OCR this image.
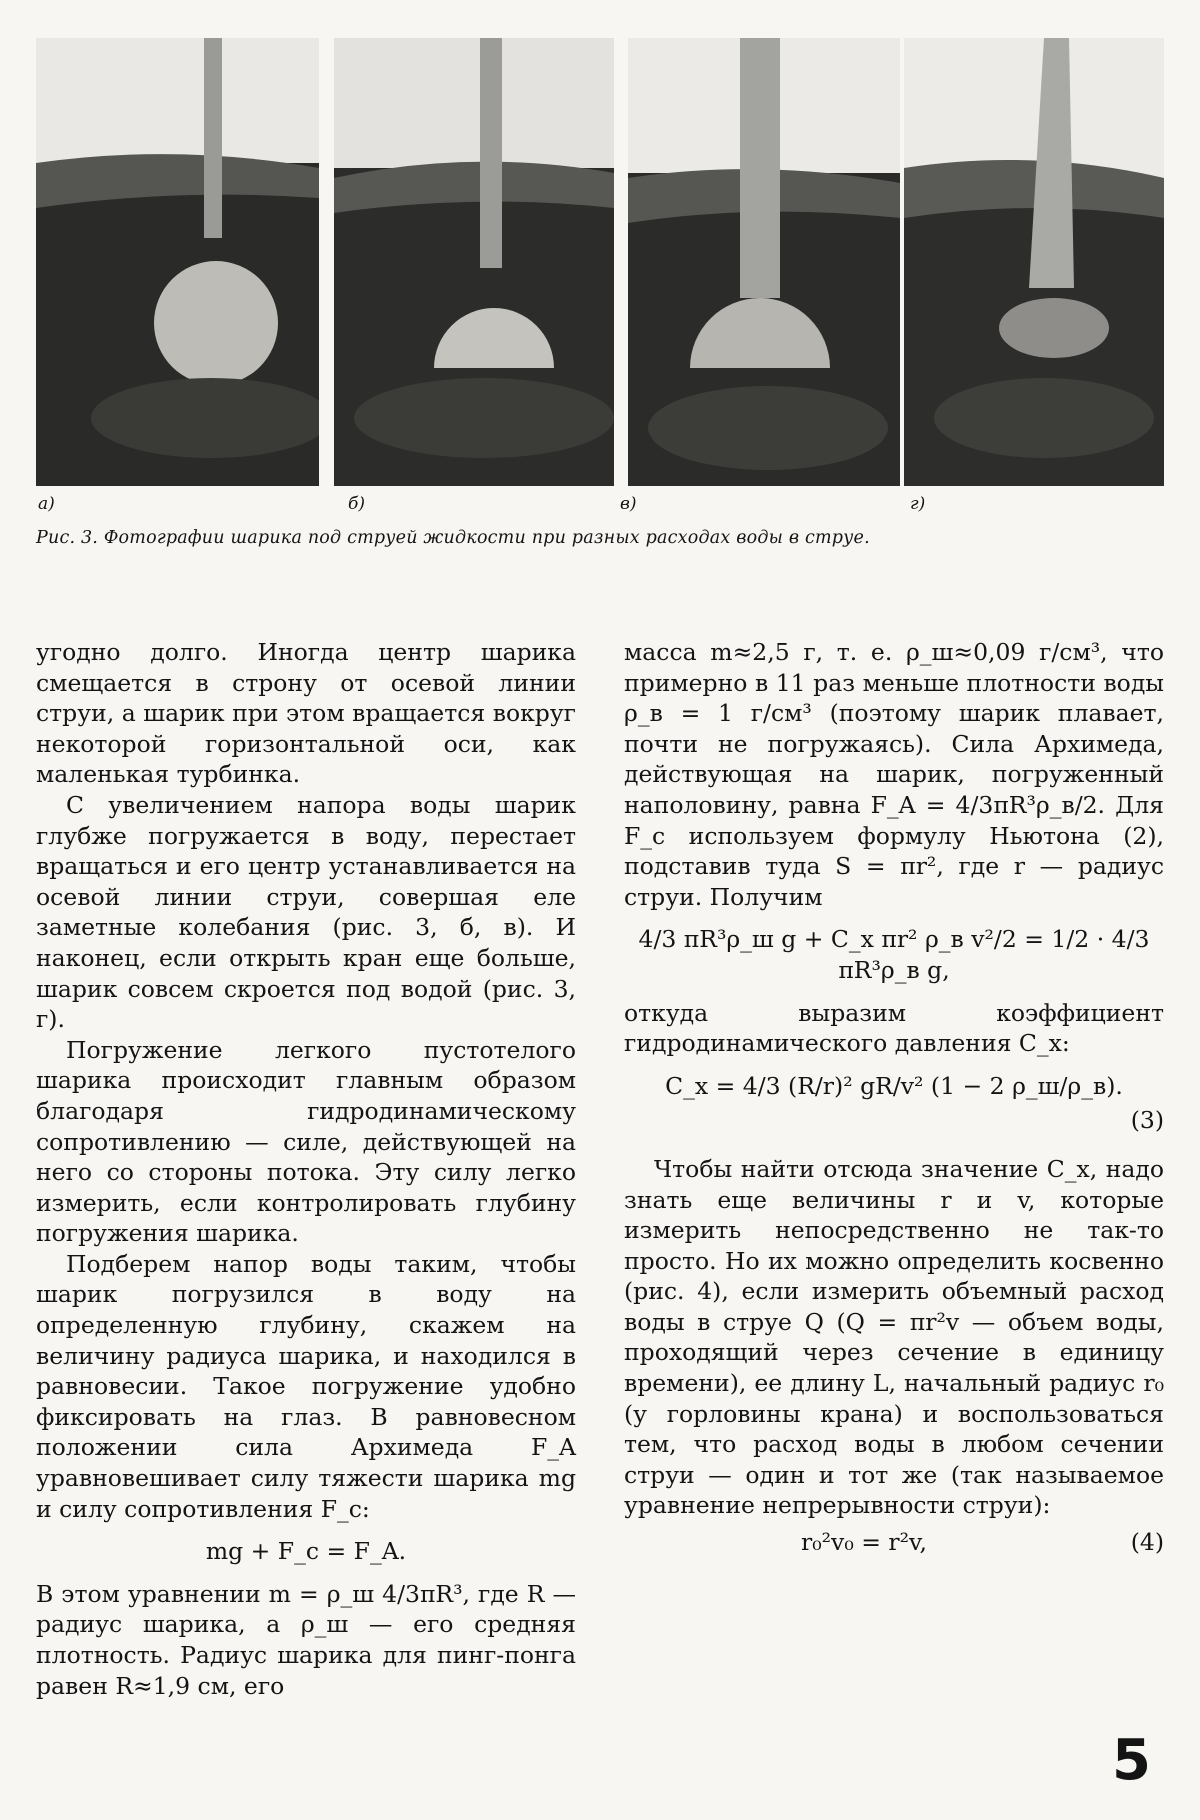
а)	б)	в)	г)
Рис. 3. Фотографии шарика под струей жидкости при разных расходах воды в струе.

угодно долго. Иногда центр шарика смещается в строну от осевой линии струи, а шарик при этом вращается вокруг некоторой горизонтальной оси, как маленькая турбинка.

С увеличением напора воды шарик глубже погружается в воду, перестает вращаться и его центр устанавливается на осевой линии струи, совершая еле заметные колебания (рис. 3, б, в). И наконец, если открыть кран еще больше, шарик совсем скроется под водой (рис. 3, г).

Погружение легкого пустотелого шарика происходит главным образом благодаря гидродинамическому сопротивлению — силе, действующей на него со стороны потока. Эту силу легко измерить, если контролировать глубину погружения шарика.

Подберем напор воды таким, чтобы шарик погрузился в воду на определенную глубину, скажем на величину радиуса шарика, и находился в равновесии. Такое погружение удобно фиксировать на глаз. В равновесном положении сила Архимеда F_A уравновешивает силу тяжести шарика mg и силу сопротивления F_c:

mg + F_c = F_A.

В этом уравнении m = ρ_ш 4/3πR³, где R — радиус шарика, а ρ_ш — его средняя плотность. Радиус шарика для пинг-понга равен R≈1,9 см, его

масса m≈2,5 г, т. е. ρ_ш≈0,09 г/см³, что примерно в 11 раз меньше плотности воды ρ_в = 1 г/см³ (поэтому шарик плавает, почти не погружаясь). Сила Архимеда, действующая на шарик, погруженный наполовину, равна F_A = 4/3πR³ρ_в/2. Для F_c используем формулу Ньютона (2), подставив туда S = πr², где r — радиус струи. Получим

4/3 πR³ρ_ш g + C_x πr² ρ_в v²/2 = 1/2 · 4/3 πR³ρ_в g,

откуда выразим коэффициент гидродинамического давления C_x:

C_x = 4/3 (R/r)² gR/v² (1 − 2 ρ_ш/ρ_в).
(3)

Чтобы найти отсюда значение C_x, надо знать еще величины r и v, которые измерить непосредственно не так-то просто. Но их можно определить косвенно (рис. 4), если измерить объемный расход воды в струе Q (Q = πr²v — объем воды, проходящий через сечение в единицу времени), ее длину L, начальный радиус r₀ (у горловины крана) и воспользоваться тем, что расход воды в любом сечении струи — один и тот же (так называемое уравнение непрерывности струи):

r₀²v₀ = r²v,	(4)
5
